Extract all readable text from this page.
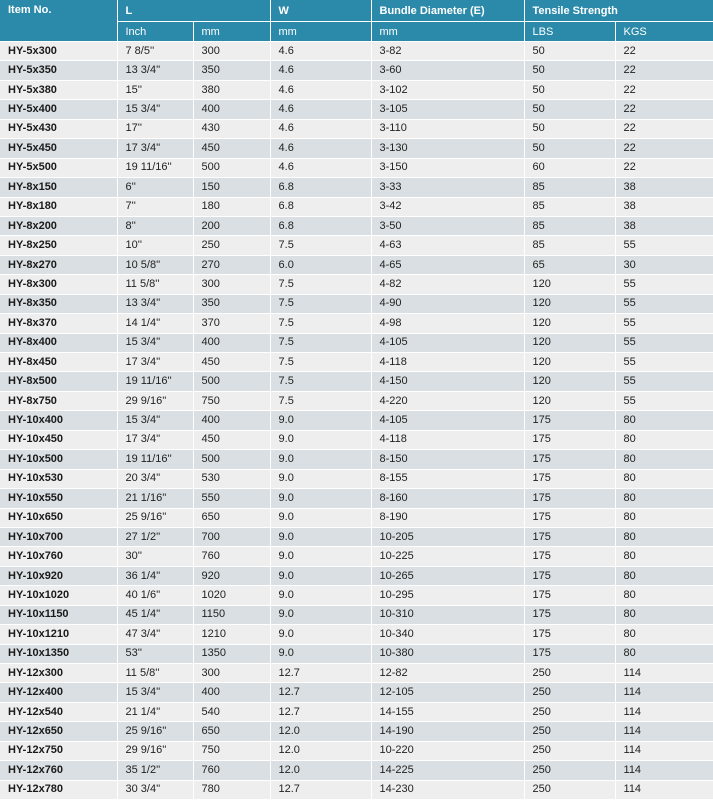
Item No.	L		W	Bundle Diameter (E)	Tensile Strength	
	Inch	mm	mm	mm	LBS	KGS
HY-5x300	7 8/5''	300	4.6	3-82	50	22
HY-5x350	13 3/4''	350	4.6	3-60	50	22
HY-5x380	15''	380	4.6	3-102	50	22
HY-5x400	15 3/4''	400	4.6	3-105	50	22
HY-5x430	17''	430	4.6	3-110	50	22
HY-5x450	17 3/4''	450	4.6	3-130	50	22
HY-5x500	19 11/16''	500	4.6	3-150	60	22
HY-8x150	6''	150	6.8	3-33	85	38
HY-8x180	7''	180	6.8	3-42	85	38
HY-8x200	8''	200	6.8	3-50	85	38
HY-8x250	10''	250	7.5	4-63	85	55
HY-8x270	10 5/8''	270	6.0	4-65	65	30
HY-8x300	11 5/8''	300	7.5	4-82	120	55
HY-8x350	13 3/4''	350	7.5	4-90	120	55
HY-8x370	14 1/4''	370	7.5	4-98	120	55
HY-8x400	15 3/4''	400	7.5	4-105	120	55
HY-8x450	17 3/4''	450	7.5	4-118	120	55
HY-8x500	19 11/16''	500	7.5	4-150	120	55
HY-8x750	29 9/16''	750	7.5	4-220	120	55
HY-10x400	15 3/4''	400	9.0	4-105	175	80
HY-10x450	17 3/4''	450	9.0	4-118	175	80
HY-10x500	19 11/16''	500	9.0	8-150	175	80
HY-10x530	20 3/4''	530	9.0	8-155	175	80
HY-10x550	21 1/16''	550	9.0	8-160	175	80
HY-10x650	25 9/16''	650	9.0	8-190	175	80
HY-10x700	27 1/2''	700	9.0	10-205	175	80
HY-10x760	30''	760	9.0	10-225	175	80
HY-10x920	36 1/4''	920	9.0	10-265	175	80
HY-10x1020	40 1/6''	1020	9.0	10-295	175	80
HY-10x1150	45 1/4''	1150	9.0	10-310	175	80
HY-10x1210	47 3/4''	1210	9.0	10-340	175	80
HY-10x1350	53''	1350	9.0	10-380	175	80
HY-12x300	11 5/8''	300	12.7	12-82	250	114
HY-12x400	15 3/4''	400	12.7	12-105	250	114
HY-12x540	21 1/4''	540	12.7	14-155	250	114
HY-12x650	25 9/16''	650	12.0	14-190	250	114
HY-12x750	29 9/16''	750	12.0	10-220	250	114
HY-12x760	35 1/2''	760	12.0	14-225	250	114
HY-12x780	30 3/4''	780	12.7	14-230	250	114
